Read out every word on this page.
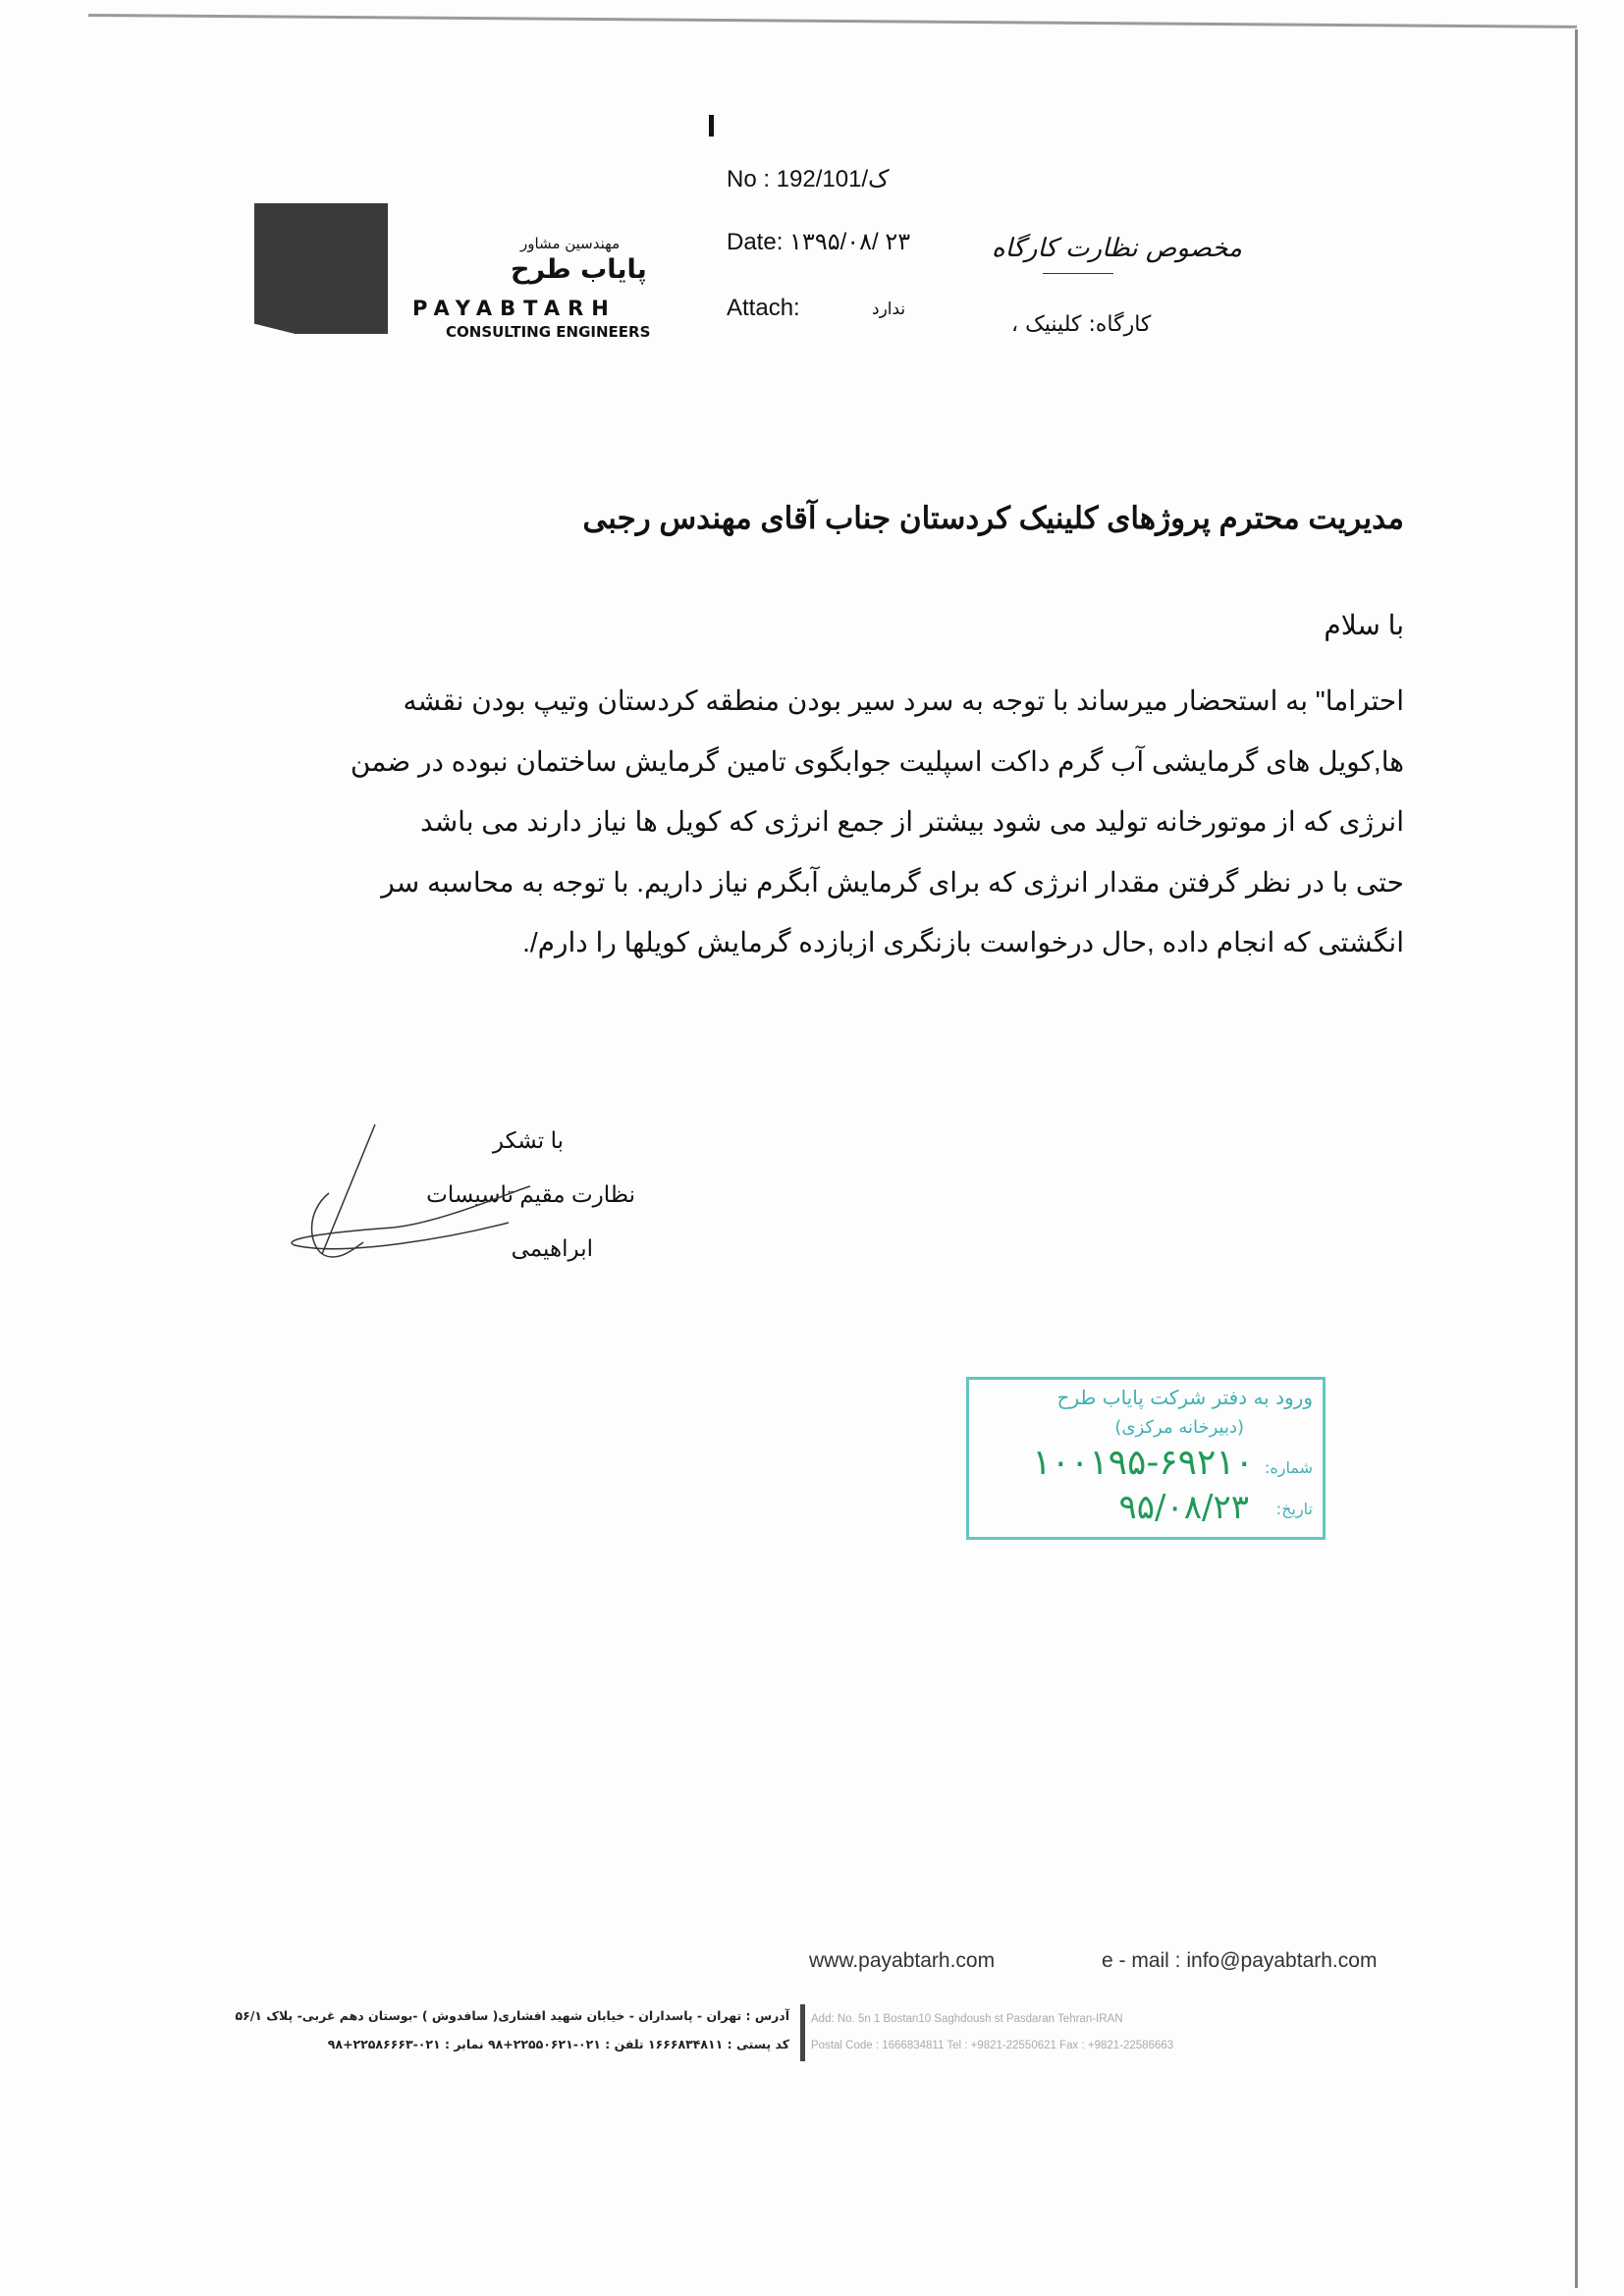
مهندسین مشاور
پایاب طرح
PAYABTARH
CONSULTING ENGINEERS
No : 192/ک/101
Date: ۱۳۹۵/۰۸/ ۲۳
Attach:	ندارد
مخصوص نظارت کارگاه
کارگاه: کلینیک ،
مدیریت محترم پروژهای کلینیک کردستان جناب آقای مهندس رجبی
با سلام
احتراما" به استحضار میرساند با توجه به سرد سیر بودن منطقه کردستان وتیپ بودن نقشه
ها,کویل های گرمایشی آب گرم داکت اسپلیت جوابگوی تامین گرمایش ساختمان نبوده در ضمن
انرژی که از موتورخانه تولید می شود بیشتر از جمع انرژی که کویل ها نیاز دارند می باشد
حتی با در نظر گرفتن مقدار انرژی که برای گرمایش آبگرم نیاز داریم. با توجه به محاسبه سر
انگشتی که انجام داده ,حال درخواست بازنگری ازبازده گرمایش کویلها را دارم/.
با تشکر
نظارت مقیم تاسیسات
ابراهیمی
ورود به دفتر شرکت پایاب طرح
(دبیرخانه مرکزی)
شماره:
۱۰۰۱۹۵-۶۹۲۱۰
تاریخ:
۹۵/۰۸/۲۳
www.payabtarh.com	e - mail : info@payabtarh.com
آدرس : تهران - پاسداران - خیابان شهید افشاری( سافدوش ) -بوستان دهم غربی- پلاک ۵۶/۱
کد پستی : ۱۶۶۶۸۳۴۸۱۱ تلفن : ۰۲۱-۲۲۵۵۰۶۲۱+۹۸ نمابر : ۰۲۱-۲۲۵۸۶۶۶۳+۹۸
Add: No. 5n 1 Bostan10 Saghdoush st Pasdaran Tehran-IRAN
Postal Code : 1666834811 Tel : +9821-22550621 Fax : +9821-22586663
